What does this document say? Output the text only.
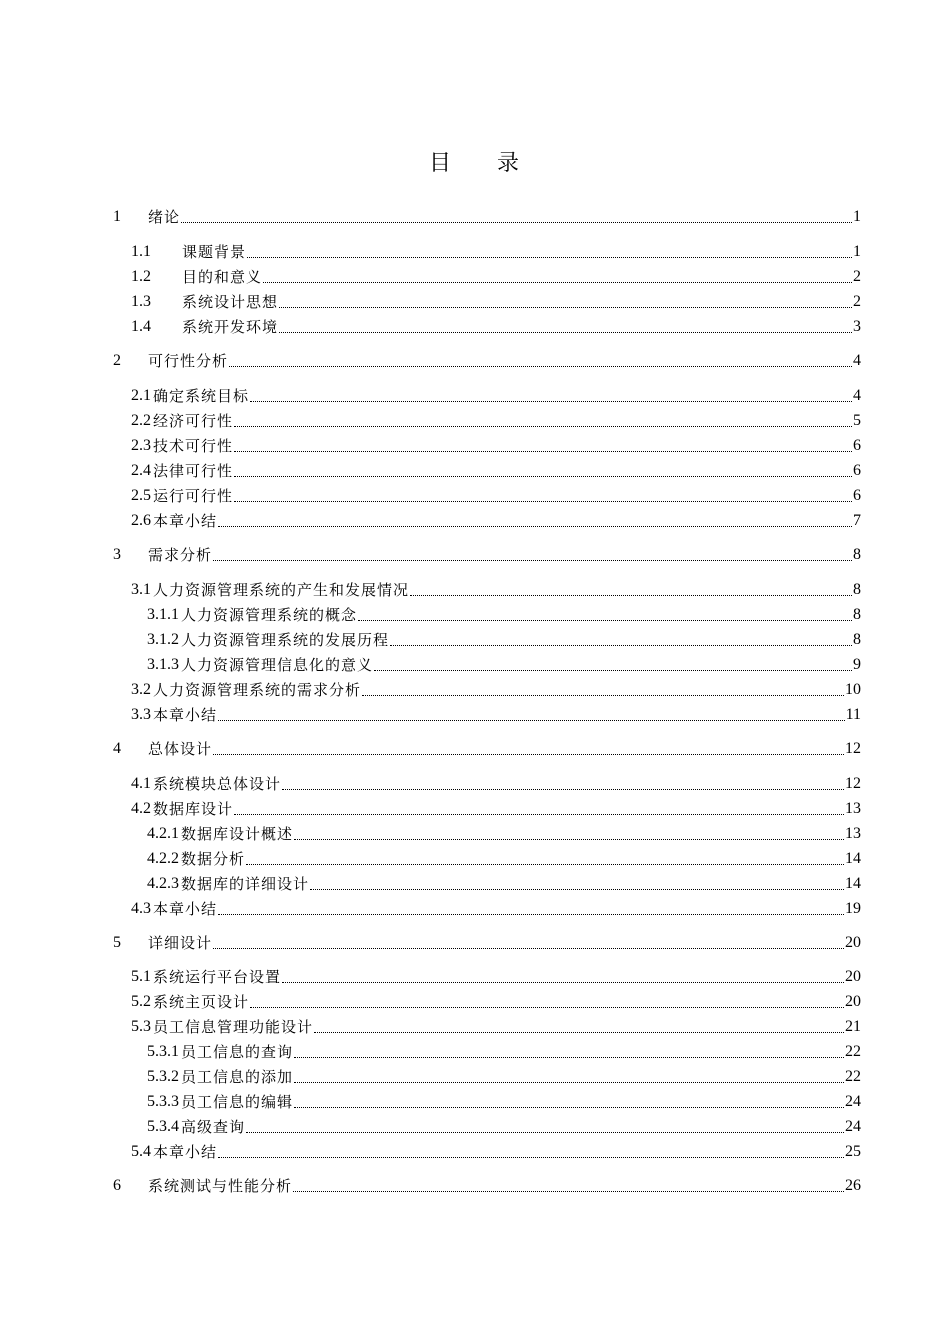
目 录
1	绪论	1
1.1	课题背景	1
1.2	目的和意义	2
1.3	系统设计思想	2
1.4	系统开发环境	3
2	可行性分析	4
2.1 确定系统目标	4
2.2 经济可行性	5
2.3 技术可行性	6
2.4 法律可行性	6
2.5 运行可行性	6
2.6 本章小结	7
3	需求分析	8
3.1 人力资源管理系统的产生和发展情况	8
3.1.1 人力资源管理系统的概念	8
3.1.2 人力资源管理系统的发展历程	8
3.1.3 人力资源管理信息化的意义	9
3.2 人力资源管理系统的需求分析	10
3.3 本章小结	11
4	总体设计	12
4.1 系统模块总体设计	12
4.2 数据库设计	13
4.2.1 数据库设计概述	13
4.2.2 数据分析	14
4.2.3 数据库的详细设计	14
4.3 本章小结	19
5	详细设计	20
5.1 系统运行平台设置	20
5.2 系统主页设计	20
5.3 员工信息管理功能设计	21
5.3.1 员工信息的查询	22
5.3.2 员工信息的添加	22
5.3.3 员工信息的编辑	24
5.3.4 高级查询	24
5.4 本章小结	25
6	系统测试与性能分析	26
